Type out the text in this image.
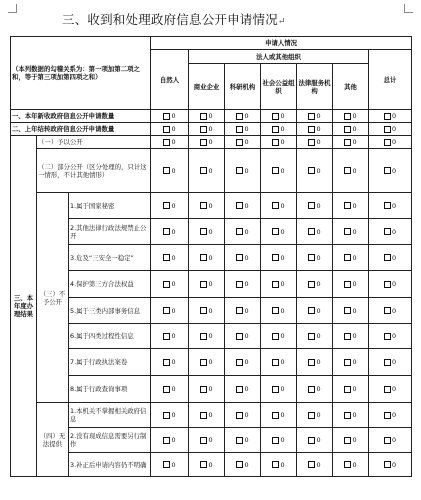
三、收到和处理政府信息公开申请情况↵
（本列数据的勾稽关系为：第一项加第二项之和，等于第三项加第四项之和）			申请人情况						
			自然人	法人或其他组织					总计
				商业企业	科研机构	社会公益组织	法律服务机构	其他	
一、本年新收政府信息公开申请数量			0	0	0	0	0	0	0
二、上年结转政府信息公开申请数量			0	0	0	0	0	0	0
三、本年度办理结果	（一）予以公开		0	0	0	0	0	0	0
	（二）部分公开（区分处理的，只计这一情形，不计其他情形）		0	0	0	0	0	0	0
	（三）不予公开	1.属于国家秘密	0	0	0	0	0	0	0
		2.其他法律行政法规禁止公开	0	0	0	0	0	0	0
		3.危及“三安全一稳定”	0	0	0	0	0	0	0
		4.保护第三方合法权益	0	0	0	0	0	0	0
		5.属于三类内部事务信息	0	0	0	0	0	0	0
		6.属于四类过程性信息	0	0	0	0	0	0	0
		7.属于行政执法案卷	0	0	0	0	0	0	0
		8.属于行政查询事项	0	0	0	0	0	0	0
	（四）无法提供	1.本机关不掌握相关政府信息	0	0	0	0	0	0	0
		2.没有现成信息需要另行制作	0	0	0	0	0	0	0
		3.补正后申请内容仍不明确	0	0	0	0	0	0	0
